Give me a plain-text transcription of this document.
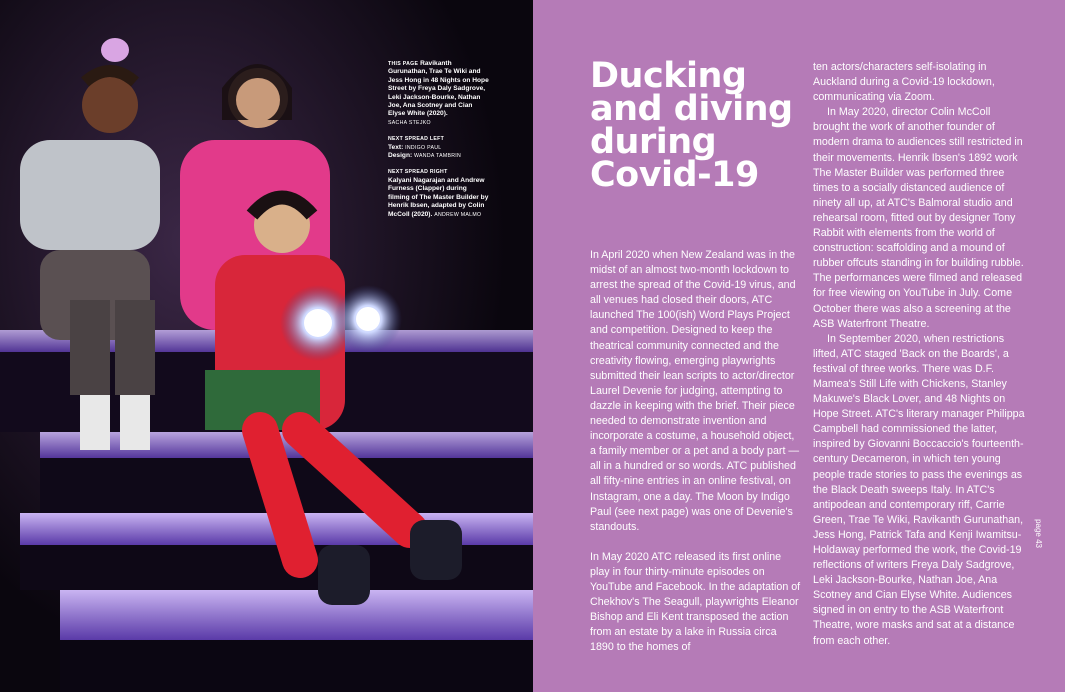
THIS PAGE Ravikanth Gurunathan, Trae Te Wiki and Jess Hong in 48 Nights on Hope Street by Freya Daly Sadgrove, Leki Jackson-Bourke, Nathan Joe, Ana Scotney and Cian Elyse White (2020).
SACHA STEJKO
NEXT SPREAD LEFT
Text: INDIGO PAUL
Design: WANDA TAMBRIN
NEXT SPREAD RIGHT
Kalyani Nagarajan and Andrew Furness (Clapper) during filming of The Master Builder by Henrik Ibsen, adapted by Colin McColl (2020). ANDREW MALMO
Ducking and diving during Covid-19

In April 2020 when New Zealand was in the midst of an almost two-month lockdown to arrest the spread of the Covid-19 virus, and all venues had closed their doors, ATC launched The 100(ish) Word Plays Project and competition. Designed to keep the theatrical community connected and the creativity flowing, emerging playwrights submitted their lean scripts to actor/director Laurel Devenie for judging, attempting to dazzle in keeping with the brief. Their piece needed to demonstrate invention and incorporate a costume, a household object, a family member or a pet and a body part — all in a hundred or so words. ATC published all fifty-nine entries in an online festival, on Instagram, one a day. The Moon by Indigo Paul (see next page) was one of Devenie's standouts.

In May 2020 ATC released its first online play in four thirty-minute episodes on YouTube and Facebook. In the adaptation of Chekhov's The Seagull, playwrights Eleanor Bishop and Eli Kent transposed the action from an estate by a lake in Russia circa 1890 to the homes of

ten actors/characters self-isolating in Auckland during a Covid-19 lockdown, communicating via Zoom.

In May 2020, director Colin McColl brought the work of another founder of modern drama to audiences still restricted in their movements. Henrik Ibsen's 1892 work The Master Builder was performed three times to a socially distanced audience of ninety all up, at ATC's Balmoral studio and rehearsal room, fitted out by designer Tony Rabbit with elements from the world of construction: scaffolding and a mound of rubber offcuts standing in for building rubble. The performances were filmed and released for free viewing on YouTube in July. Come October there was also a screening at the ASB Waterfront Theatre.

In September 2020, when restrictions lifted, ATC staged 'Back on the Boards', a festival of three works. There was D.F. Mamea's Still Life with Chickens, Stanley Makuwe's Black Lover, and 48 Nights on Hope Street. ATC's literary manager Philippa Campbell had commissioned the latter, inspired by Giovanni Boccaccio's fourteenth-century Decameron, in which ten young people trade stories to pass the evenings as the Black Death sweeps Italy. In ATC's antipodean and contemporary riff, Carrie Green, Trae Te Wiki, Ravikanth Gurunathan, Jess Hong, Patrick Tafa and Kenji Iwamitsu-Holdaway performed the work, the Covid-19 reflections of writers Freya Daly Sadgrove, Leki Jackson-Bourke, Nathan Joe, Ana Scotney and Cian Elyse White. Audiences signed in on entry to the ASB Waterfront Theatre, wore masks and sat at a distance from each other.

page 43
